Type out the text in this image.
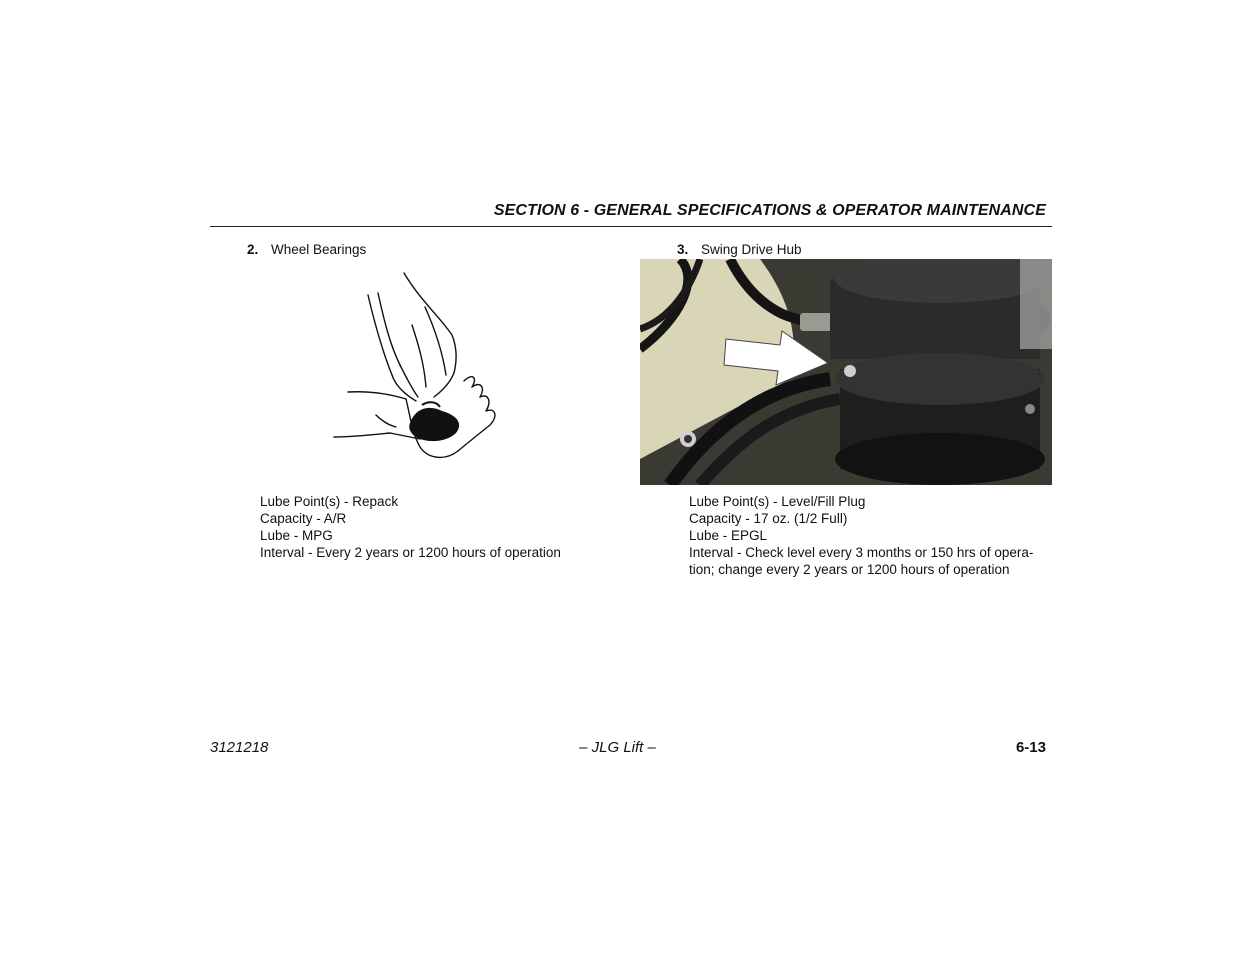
SECTION 6 - GENERAL SPECIFICATIONS & OPERATOR MAINTENANCE
2. Wheel Bearings
Lube Point(s) - Repack
Capacity - A/R
Lube - MPG
Interval - Every 2 years or 1200 hours of operation
3. Swing Drive Hub
Lube Point(s) - Level/Fill Plug
Capacity - 17 oz. (1/2 Full)
Lube - EPGL
Interval - Check level every 3 months or 150 hrs of opera-tion; change every 2 years or 1200 hours of operation
3121218	– JLG Lift –	6-13
